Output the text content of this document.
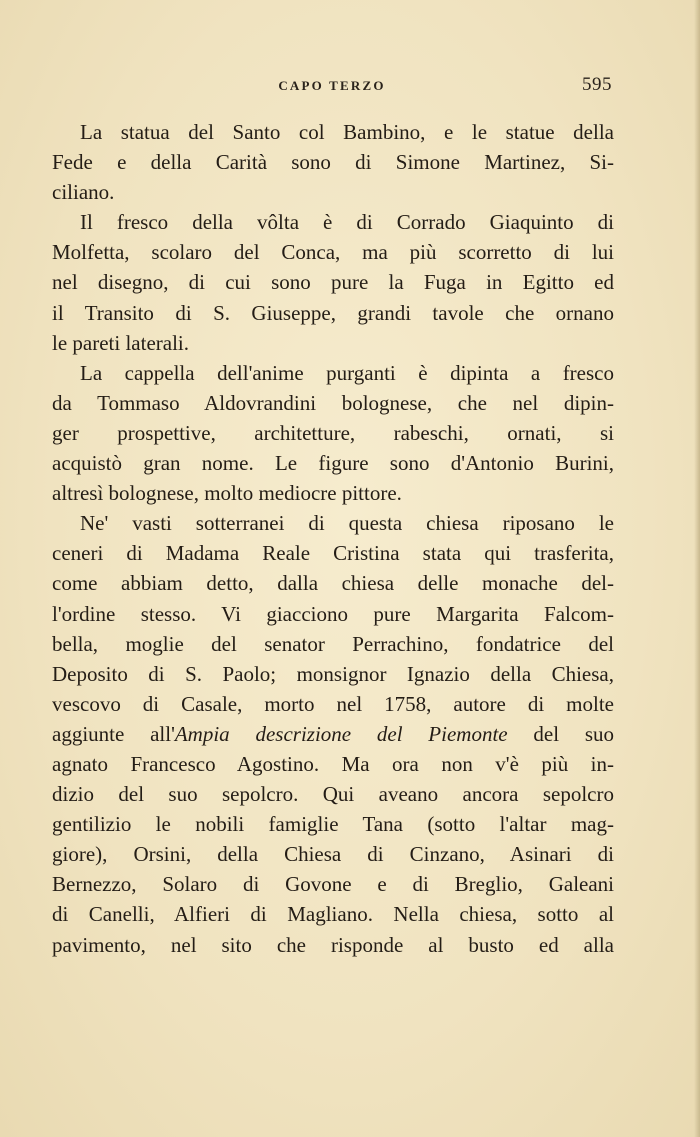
CAPO TERZO	595
La statua del Santo col Bambino, e le statue della
Fede e della Carità sono di Simone Martinez, Si-
ciliano.
Il fresco della vôlta è di Corrado Giaquinto di
Molfetta, scolaro del Conca, ma più scorretto di lui
nel disegno, di cui sono pure la Fuga in Egitto ed
il Transito di S. Giuseppe, grandi tavole che ornano
le pareti laterali.
La cappella dell'anime purganti è dipinta a fresco
da Tommaso Aldovrandini bolognese, che nel dipin-
ger prospettive, architetture, rabeschi, ornati, si
acquistò gran nome. Le figure sono d'Antonio Burini,
altresì bolognese, molto mediocre pittore.
Ne' vasti sotterranei di questa chiesa riposano le
ceneri di Madama Reale Cristina stata qui trasferita,
come abbiam detto, dalla chiesa delle monache del-
l'ordine stesso. Vi giacciono pure Margarita Falcom-
bella, moglie del senator Perrachino, fondatrice del
Deposito di S. Paolo; monsignor Ignazio della Chiesa,
vescovo di Casale, morto nel 1758, autore di molte
aggiunte all'Ampia descrizione del Piemonte del suo
agnato Francesco Agostino. Ma ora non v'è più in-
dizio del suo sepolcro. Qui aveano ancora sepolcro
gentilizio le nobili famiglie Tana (sotto l'altar mag-
giore), Orsini, della Chiesa di Cinzano, Asinari di
Bernezzo, Solaro di Govone e di Breglio, Galeani
di Canelli, Alfieri di Magliano. Nella chiesa, sotto al
pavimento, nel sito che risponde al busto ed alla
